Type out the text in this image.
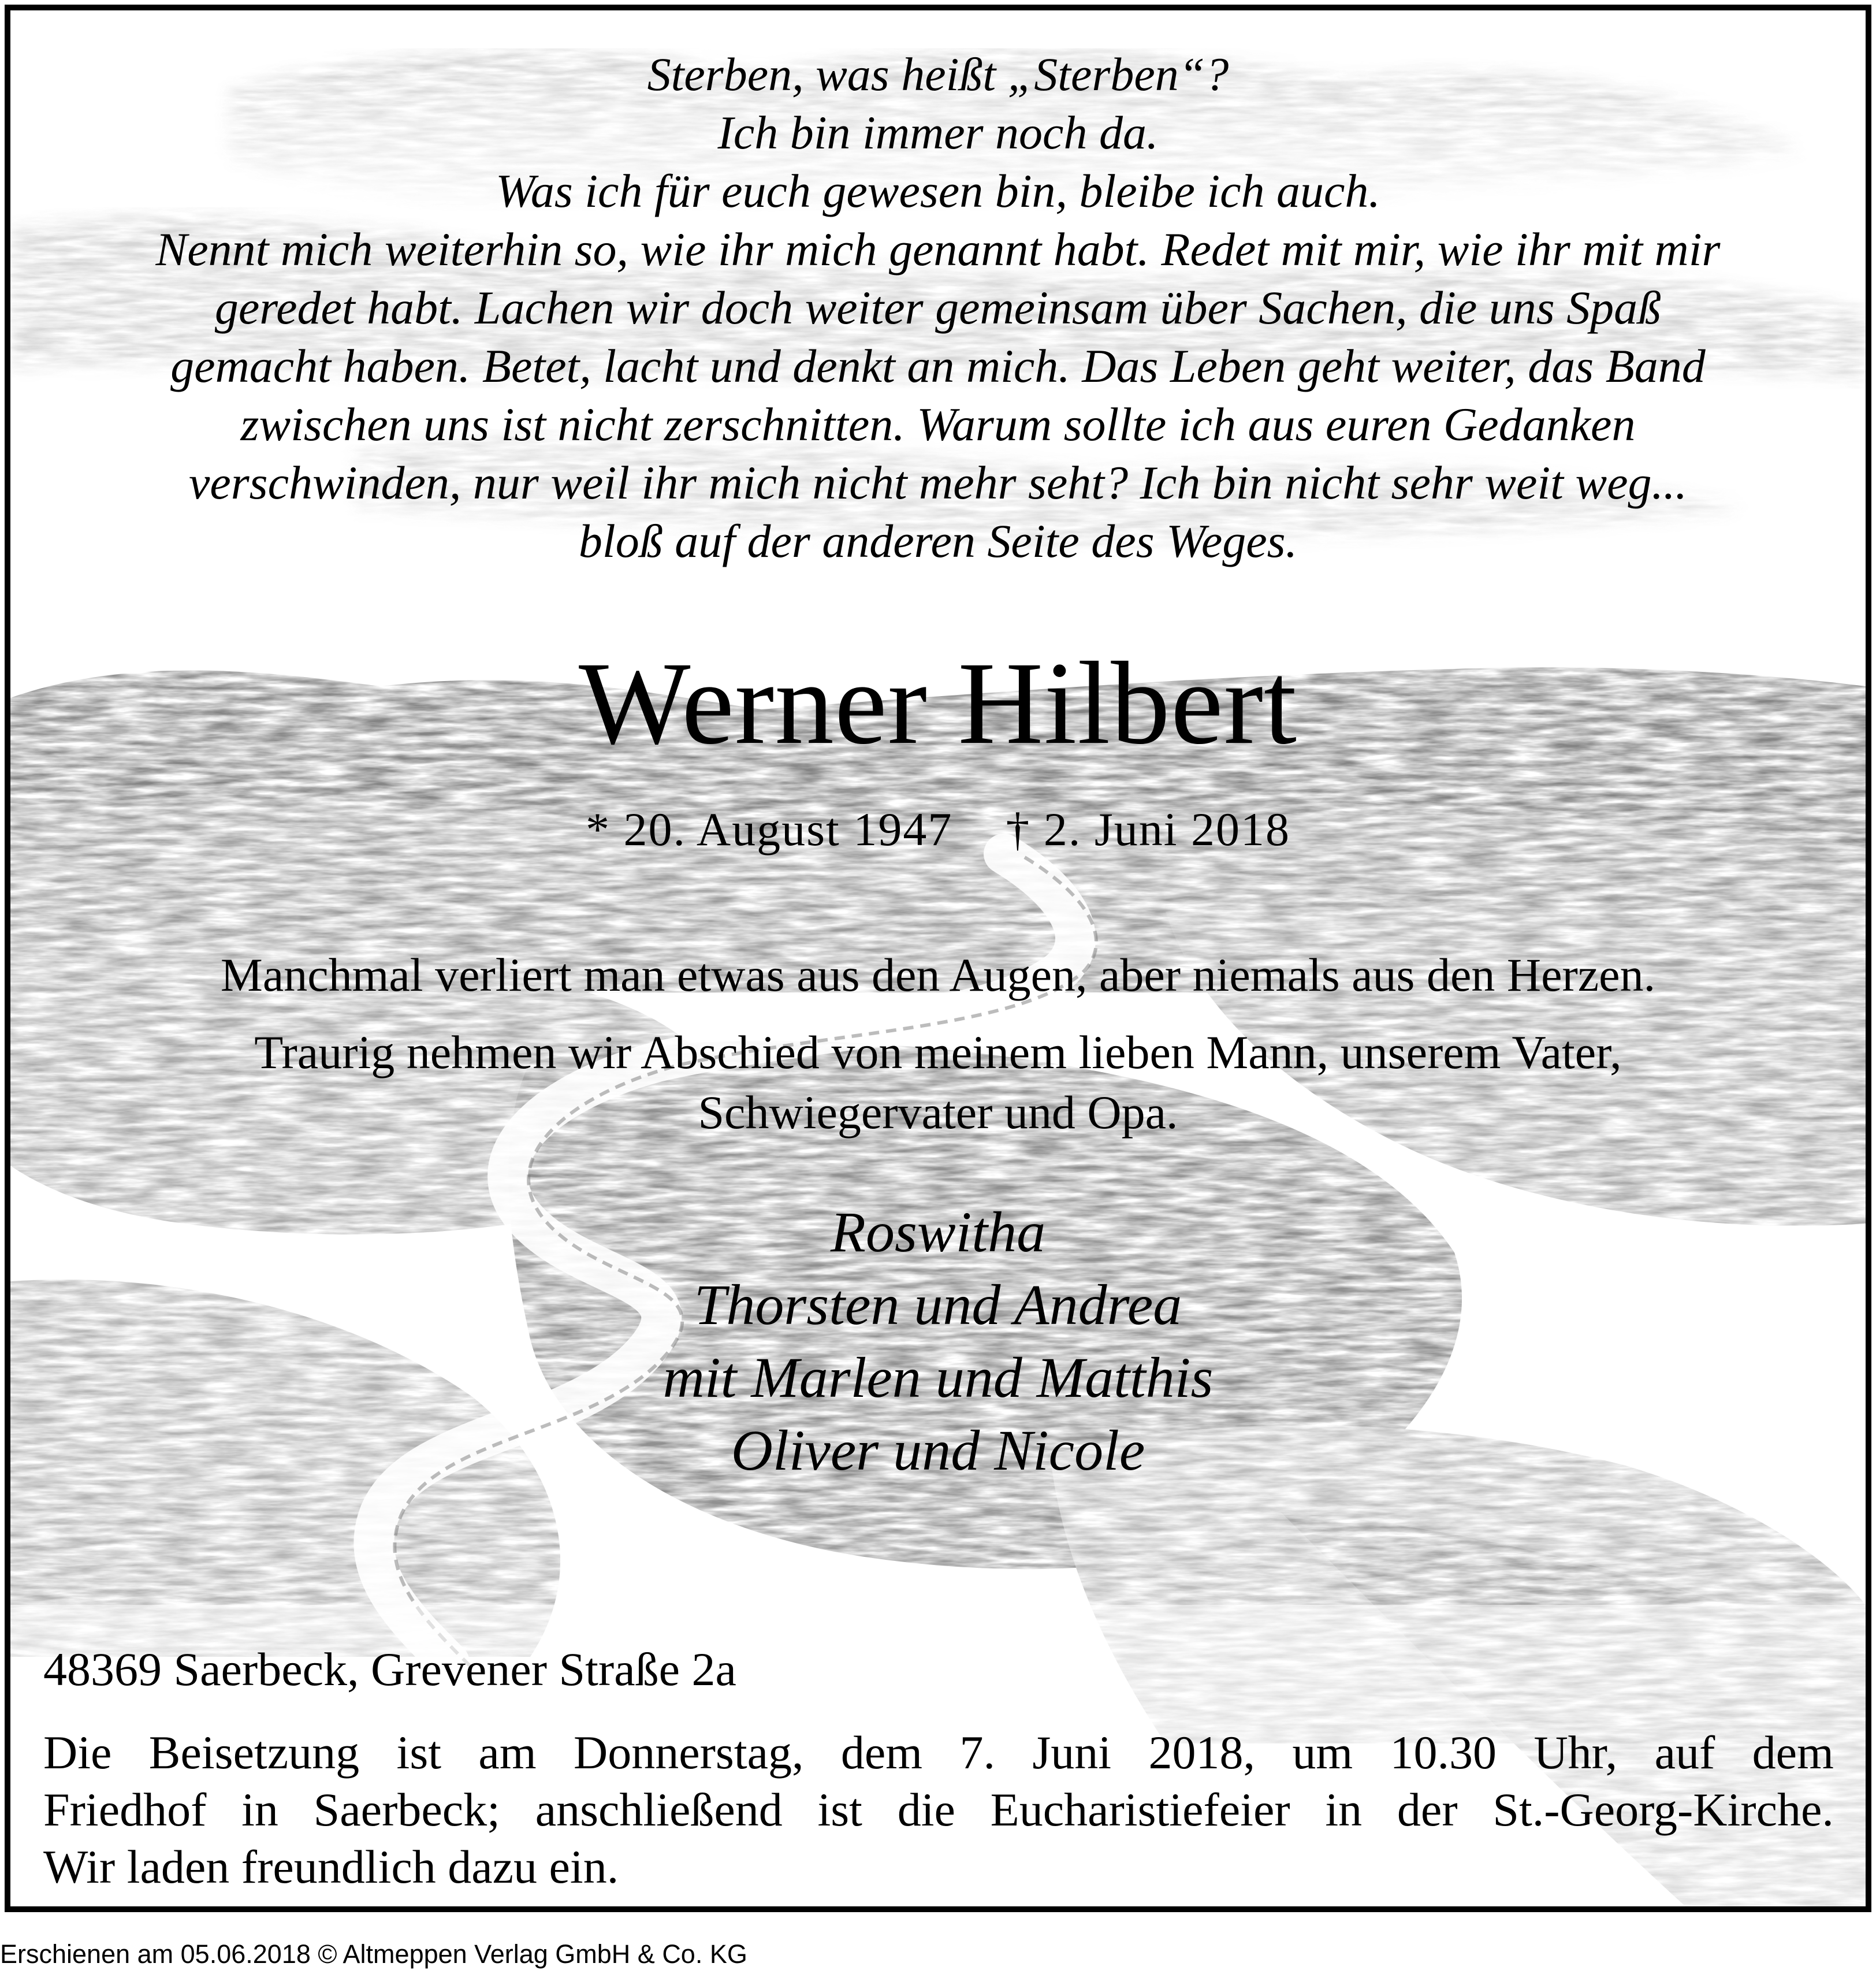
Sterben, was heißt „Sterben“?
Ich bin immer noch da.
Was ich für euch gewesen bin, bleibe ich auch.
Nennt mich weiterhin so, wie ihr mich genannt habt. Redet mit mir, wie ihr mit mir
geredet habt. Lachen wir doch weiter gemeinsam über Sachen, die uns Spaß
gemacht haben. Betet, lacht und denkt an mich. Das Leben geht weiter, das Band
zwischen uns ist nicht zerschnitten. Warum sollte ich aus euren Gedanken
verschwinden, nur weil ihr mich nicht mehr seht? Ich bin nicht sehr weit weg...
bloß auf der anderen Seite des Weges.
Werner Hilbert
* 20. August 1947 † 2. Juni 2018

Manchmal verliert man etwas aus den Augen, aber niemals aus den Herzen.

Traurig nehmen wir Abschied von meinem lieben Mann, unserem Vater,
Schwiegervater und Opa.

Roswitha
Thorsten und Andrea
mit Marlen und Matthis
Oliver und Nicole

48369 Saerbeck, Grevener Straße 2a

Die Beisetzung ist am Donnerstag, dem 7. Juni 2018, um 10.30 Uhr, auf dem
Friedhof in Saerbeck; anschließend ist die Eucharistiefeier in der St.-Georg-Kirche.
Wir laden freundlich dazu ein.
Erschienen am 05.06.2018 © Altmeppen Verlag GmbH & Co. KG
